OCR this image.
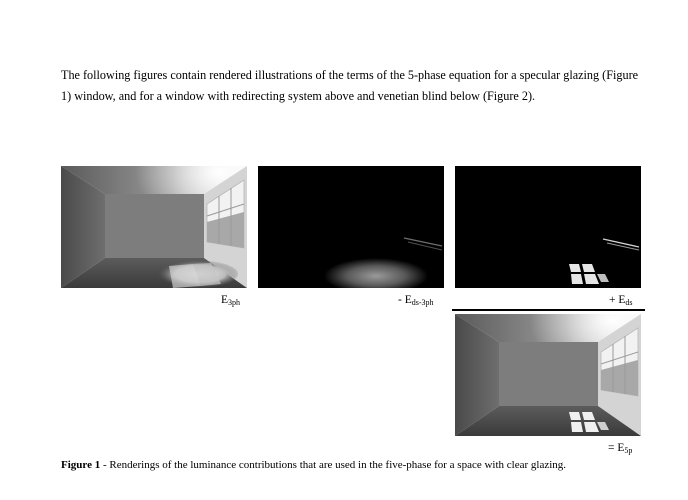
The following figures contain rendered illustrations of the terms of the 5-phase equation for a specular glazing (Figure 1) window, and for a window with redirecting system above and venetian blind below (Figure 2).

$E_{3ph}$	- $E_{ds-3ph}$	+ $E_{ds}$
= $E_{5p}$
Figure 1 - Renderings of the luminance contributions that are used in the five-phase for a space with clear glazing.
